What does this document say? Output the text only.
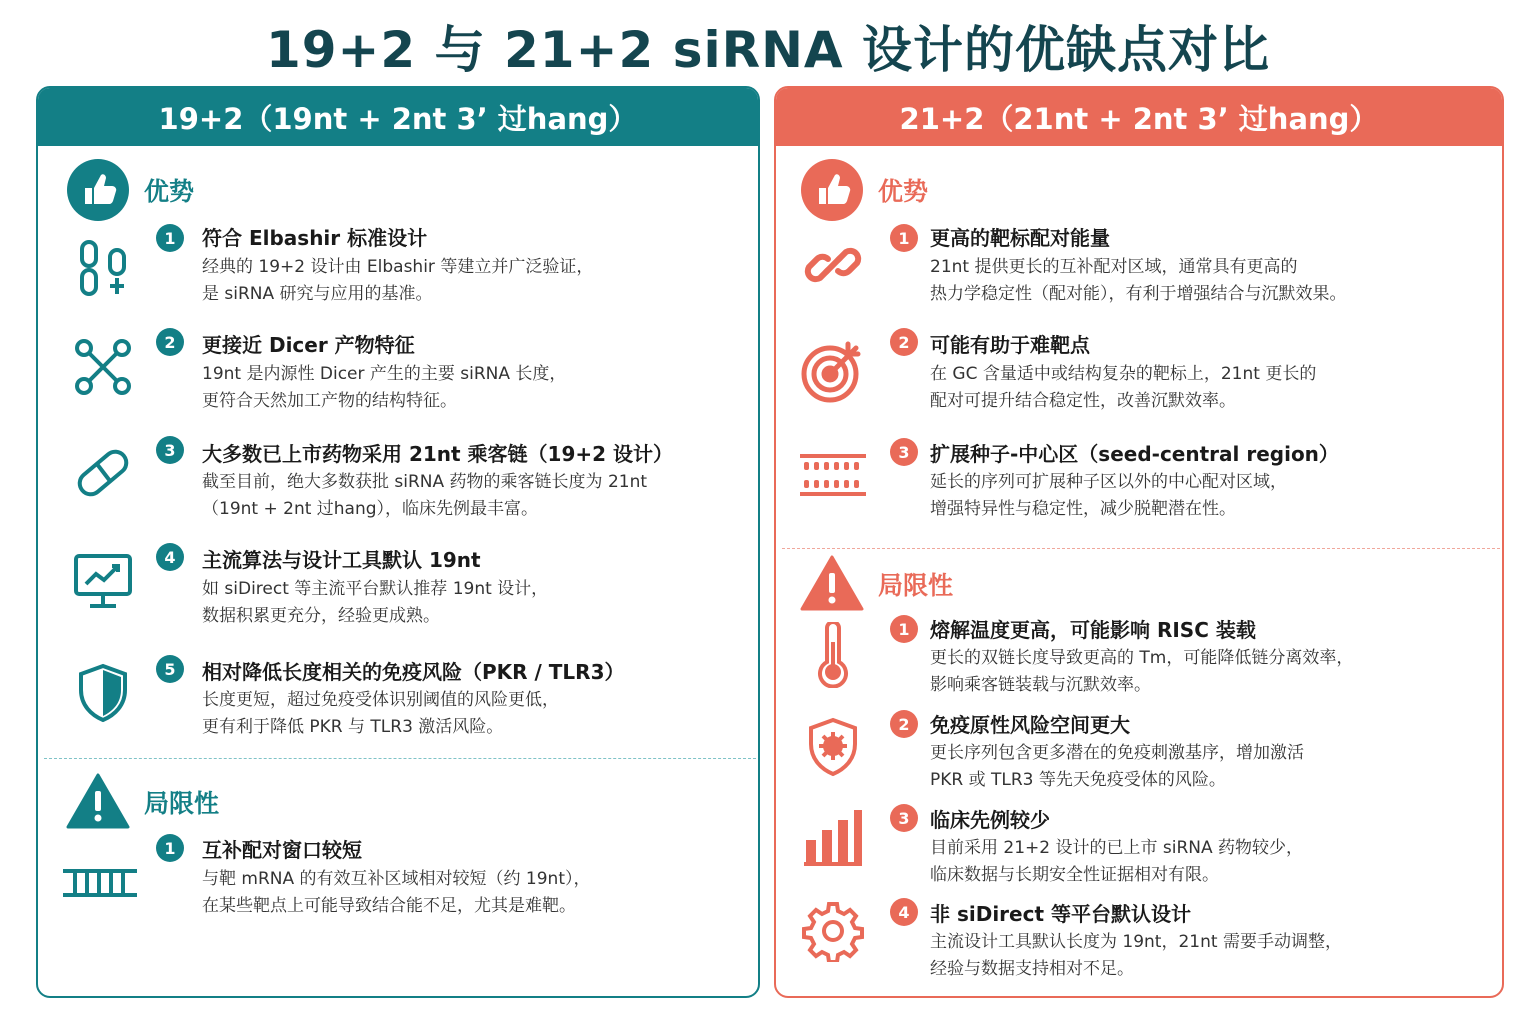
19+2 与 21+2 siRNA 设计的优缺点对比
19+2（19nt + 2nt 3’ 过hang）
优势
1	符合 Elbashir 标准设计
经典的 19+2 设计由 Elbashir 等建立并广泛验证，
是 siRNA 研究与应用的基准。
2	更接近 Dicer 产物特征
19nt 是内源性 Dicer 产生的主要 siRNA 长度，
更符合天然加工产物的结构特征。
3	大多数已上市药物采用 21nt 乘客链（19+2 设计）
截至目前，绝大多数获批 siRNA 药物的乘客链长度为 21nt
（19nt + 2nt 过hang），临床先例最丰富。
4	主流算法与设计工具默认 19nt
如 siDirect 等主流平台默认推荐 19nt 设计，
数据积累更充分，经验更成熟。
5	相对降低长度相关的免疫风险（PKR / TLR3）
长度更短，超过免疫受体识别阈值的风险更低，
更有利于降低 PKR 与 TLR3 激活风险。
局限性
1	互补配对窗口较短
与靶 mRNA 的有效互补区域相对较短（约 19nt），
在某些靶点上可能导致结合能不足，尤其是难靶。
21+2（21nt + 2nt 3’ 过hang）
优势
1	更高的靶标配对能量
21nt 提供更长的互补配对区域，通常具有更高的
热力学稳定性（配对能），有利于增强结合与沉默效果。
2	可能有助于难靶点
在 GC 含量适中或结构复杂的靶标上，21nt 更长的
配对可提升结合稳定性，改善沉默效率。
3	扩展种子-中心区（seed-central region）
延长的序列可扩展种子区以外的中心配对区域，
增强特异性与稳定性，减少脱靶潜在性。
局限性
1	熔解温度更高，可能影响 RISC 装载
更长的双链长度导致更高的 Tm，可能降低链分离效率，
影响乘客链装载与沉默效率。
2	免疫原性风险空间更大
更长序列包含更多潜在的免疫刺激基序，增加激活
PKR 或 TLR3 等先天免疫受体的风险。
3	临床先例较少
目前采用 21+2 设计的已上市 siRNA 药物较少，
临床数据与长期安全性证据相对有限。
4	非 siDirect 等平台默认设计
主流设计工具默认长度为 19nt，21nt 需要手动调整，
经验与数据支持相对不足。
